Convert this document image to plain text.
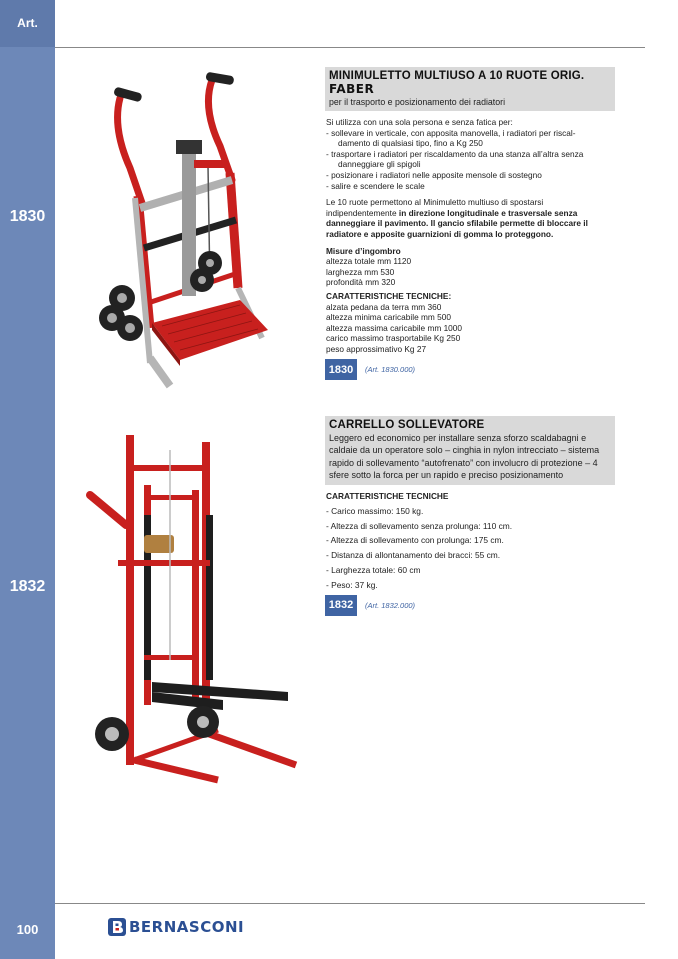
Art.
1830
1832
100
MINIMULETTO MULTIUSO A 10 RUOTE ORIG. FABER
per il trasporto e posizionamento dei radiatori

Si utilizza con una sola persona e senza fatica per:

- sollevare in verticale, con apposita manovella, i radiatori per riscal-
damento di qualsiasi tipo, fino a Kg 250
- trasportare i radiatori per riscaldamento da una stanza all’altra senza
danneggiare gli spigoli
- posizionare i radiatori nelle apposite mensole di sostegno
- salire e scendere le scale

Le 10 ruote permettono al Minimuletto multiuso di spostarsi indipendentemente in direzione longitudinale e trasversale senza danneggiare il pavimento. Il gancio sfilabile permette di bloccare il radiatore e apposite guarnizioni di gomma lo proteggono.

Misure d’ingombro

altezza totale mm 1120
larghezza mm 530
profondità mm 320

CARATTERISTICHE TECNICHE:

alzata pedana da terra mm 360
altezza minima caricabile mm 500
altezza massima caricabile mm 1000
carico massimo trasportabile Kg 250
peso approssimativo Kg 27
1830	(Art. 1830.000)
CARRELLO SOLLEVATORE
Leggero ed economico per installare senza sforzo scaldabagni e caldaie da un operatore solo – cinghia in nylon intrecciato – sistema rapido di sollevamento “autofrenato” con involucro di protezione – 4 sfere sotto la forca per un rapido e preciso posizionamento

CARATTERISTICHE TECNICHE

- Carico massimo: 150 kg.
- Altezza di sollevamento senza prolunga: 110 cm.
- Altezza di sollevamento con prolunga: 175 cm.
- Distanza di allontanamento dei bracci: 55 cm.
- Larghezza totale: 60 cm
- Peso: 37 kg.
1832	(Art. 1832.000)
BERNASCONI
